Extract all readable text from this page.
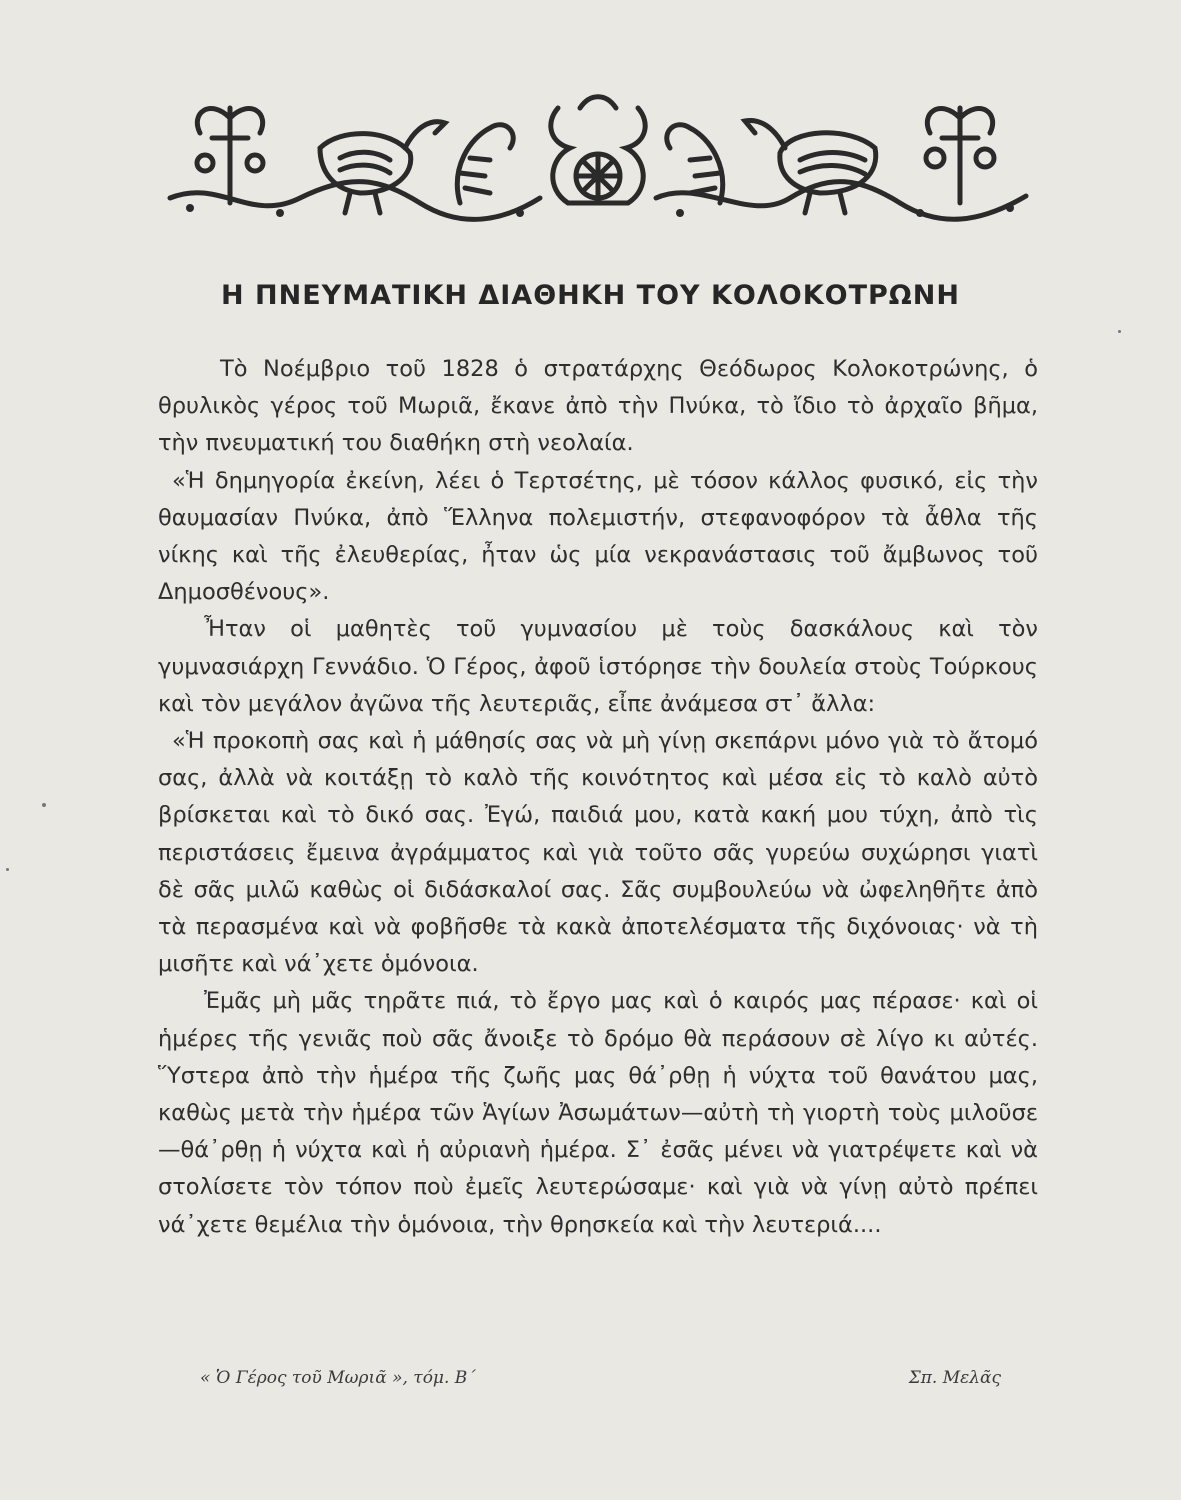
Η ΠΝΕΥΜΑΤΙΚΗ ΔΙΑΘΗΚΗ ΤΟΥ ΚΟΛΟΚΟΤΡΩΝΗ

Τὸ Νοέμβριο τοῦ 1828 ὁ στρατάρχης Θεόδωρος Κολοκοτρώνης, ὁ θρυλικὸς γέρος τοῦ Μωριᾶ, ἔκανε ἀπὸ τὴν Πνύκα, τὸ ἴδιο τὸ ἀρχαῖο βῆμα, τὴν πνευματική του διαθήκη στὴ νεολαία.

«Ἡ δημηγορία ἐκείνη, λέει ὁ Τερτσέτης, μὲ τόσον κάλλος φυσικό, εἰς τὴν θαυμασίαν Πνύκα, ἀπὸ Ἕλληνα πολεμιστήν, στεφανοφόρον τὰ ἆθλα τῆς νίκης καὶ τῆς ἐλευθερίας, ἦταν ὡς μία νεκρανάστασις τοῦ ἄμβωνος τοῦ Δημοσθένους».

Ἦταν οἱ μαθητὲς τοῦ γυμνασίου μὲ τοὺς δασκάλους καὶ τὸν γυμνασιάρχη Γεννάδιο. Ὁ Γέρος, ἀφοῦ ἱστόρησε τὴν δουλεία στοὺς Τούρκους καὶ τὸν μεγάλον ἀγῶνα τῆς λευτεριᾶς, εἶπε ἀνάμεσα στ᾽ ἄλλα:

«Ἡ προκοπὴ σας καὶ ἡ μάθησίς σας νὰ μὴ γίνῃ σκεπάρνι μόνο γιὰ τὸ ἄτομό σας, ἀλλὰ νὰ κοιτάξῃ τὸ καλὸ τῆς κοινότητος καὶ μέσα εἰς τὸ καλὸ αὐτὸ βρίσκεται καὶ τὸ δικό σας. Ἐγώ, παιδιά μου, κατὰ κακή μου τύχη, ἀπὸ τὶς περιστάσεις ἔμεινα ἀγράμματος καὶ γιὰ τοῦτο σᾶς γυρεύω συχώρησι γιατὶ δὲ σᾶς μιλῶ καθὼς οἱ διδάσκαλοί σας. Σᾶς συμβουλεύω νὰ ὠφεληθῆτε ἀπὸ τὰ περασμένα καὶ νὰ φοβῆσθε τὰ κακὰ ἀποτελέσματα τῆς διχόνοιας· νὰ τὴ μισῆτε καὶ νά᾽χετε ὁμόνοια.

Ἐμᾶς μὴ μᾶς τηρᾶτε πιά, τὸ ἔργο μας καὶ ὁ καιρός μας πέρασε· καὶ οἱ ἡμέρες τῆς γενιᾶς ποὺ σᾶς ἄνοιξε τὸ δρόμο θὰ περάσουν σὲ λίγο κι αὐτές. Ὕστερα ἀπὸ τὴν ἡμέρα τῆς ζωῆς μας θά᾽ρθῃ ἡ νύχτα τοῦ θανάτου μας, καθὼς μετὰ τὴν ἡμέρα τῶν Ἁγίων Ἀσωμάτων—αὐτὴ τὴ γιορτὴ τοὺς μιλοῦσε—θά᾽ρθῃ ἡ νύχτα καὶ ἡ αὐριανὴ ἡμέρα. Σ᾽ ἐσᾶς μένει νὰ γιατρέψετε καὶ νὰ στολίσετε τὸν τόπον ποὺ ἐμεῖς λευτερώσαμε· καὶ γιὰ νὰ γίνῃ αὐτὸ πρέπει νά᾽χετε θεμέλια τὴν ὁμόνοια, τὴν θρησκεία καὶ τὴν λευτεριά....

« Ὁ Γέρος τοῦ Μωριᾶ », τόμ. Β΄	Σπ. Μελᾶς
